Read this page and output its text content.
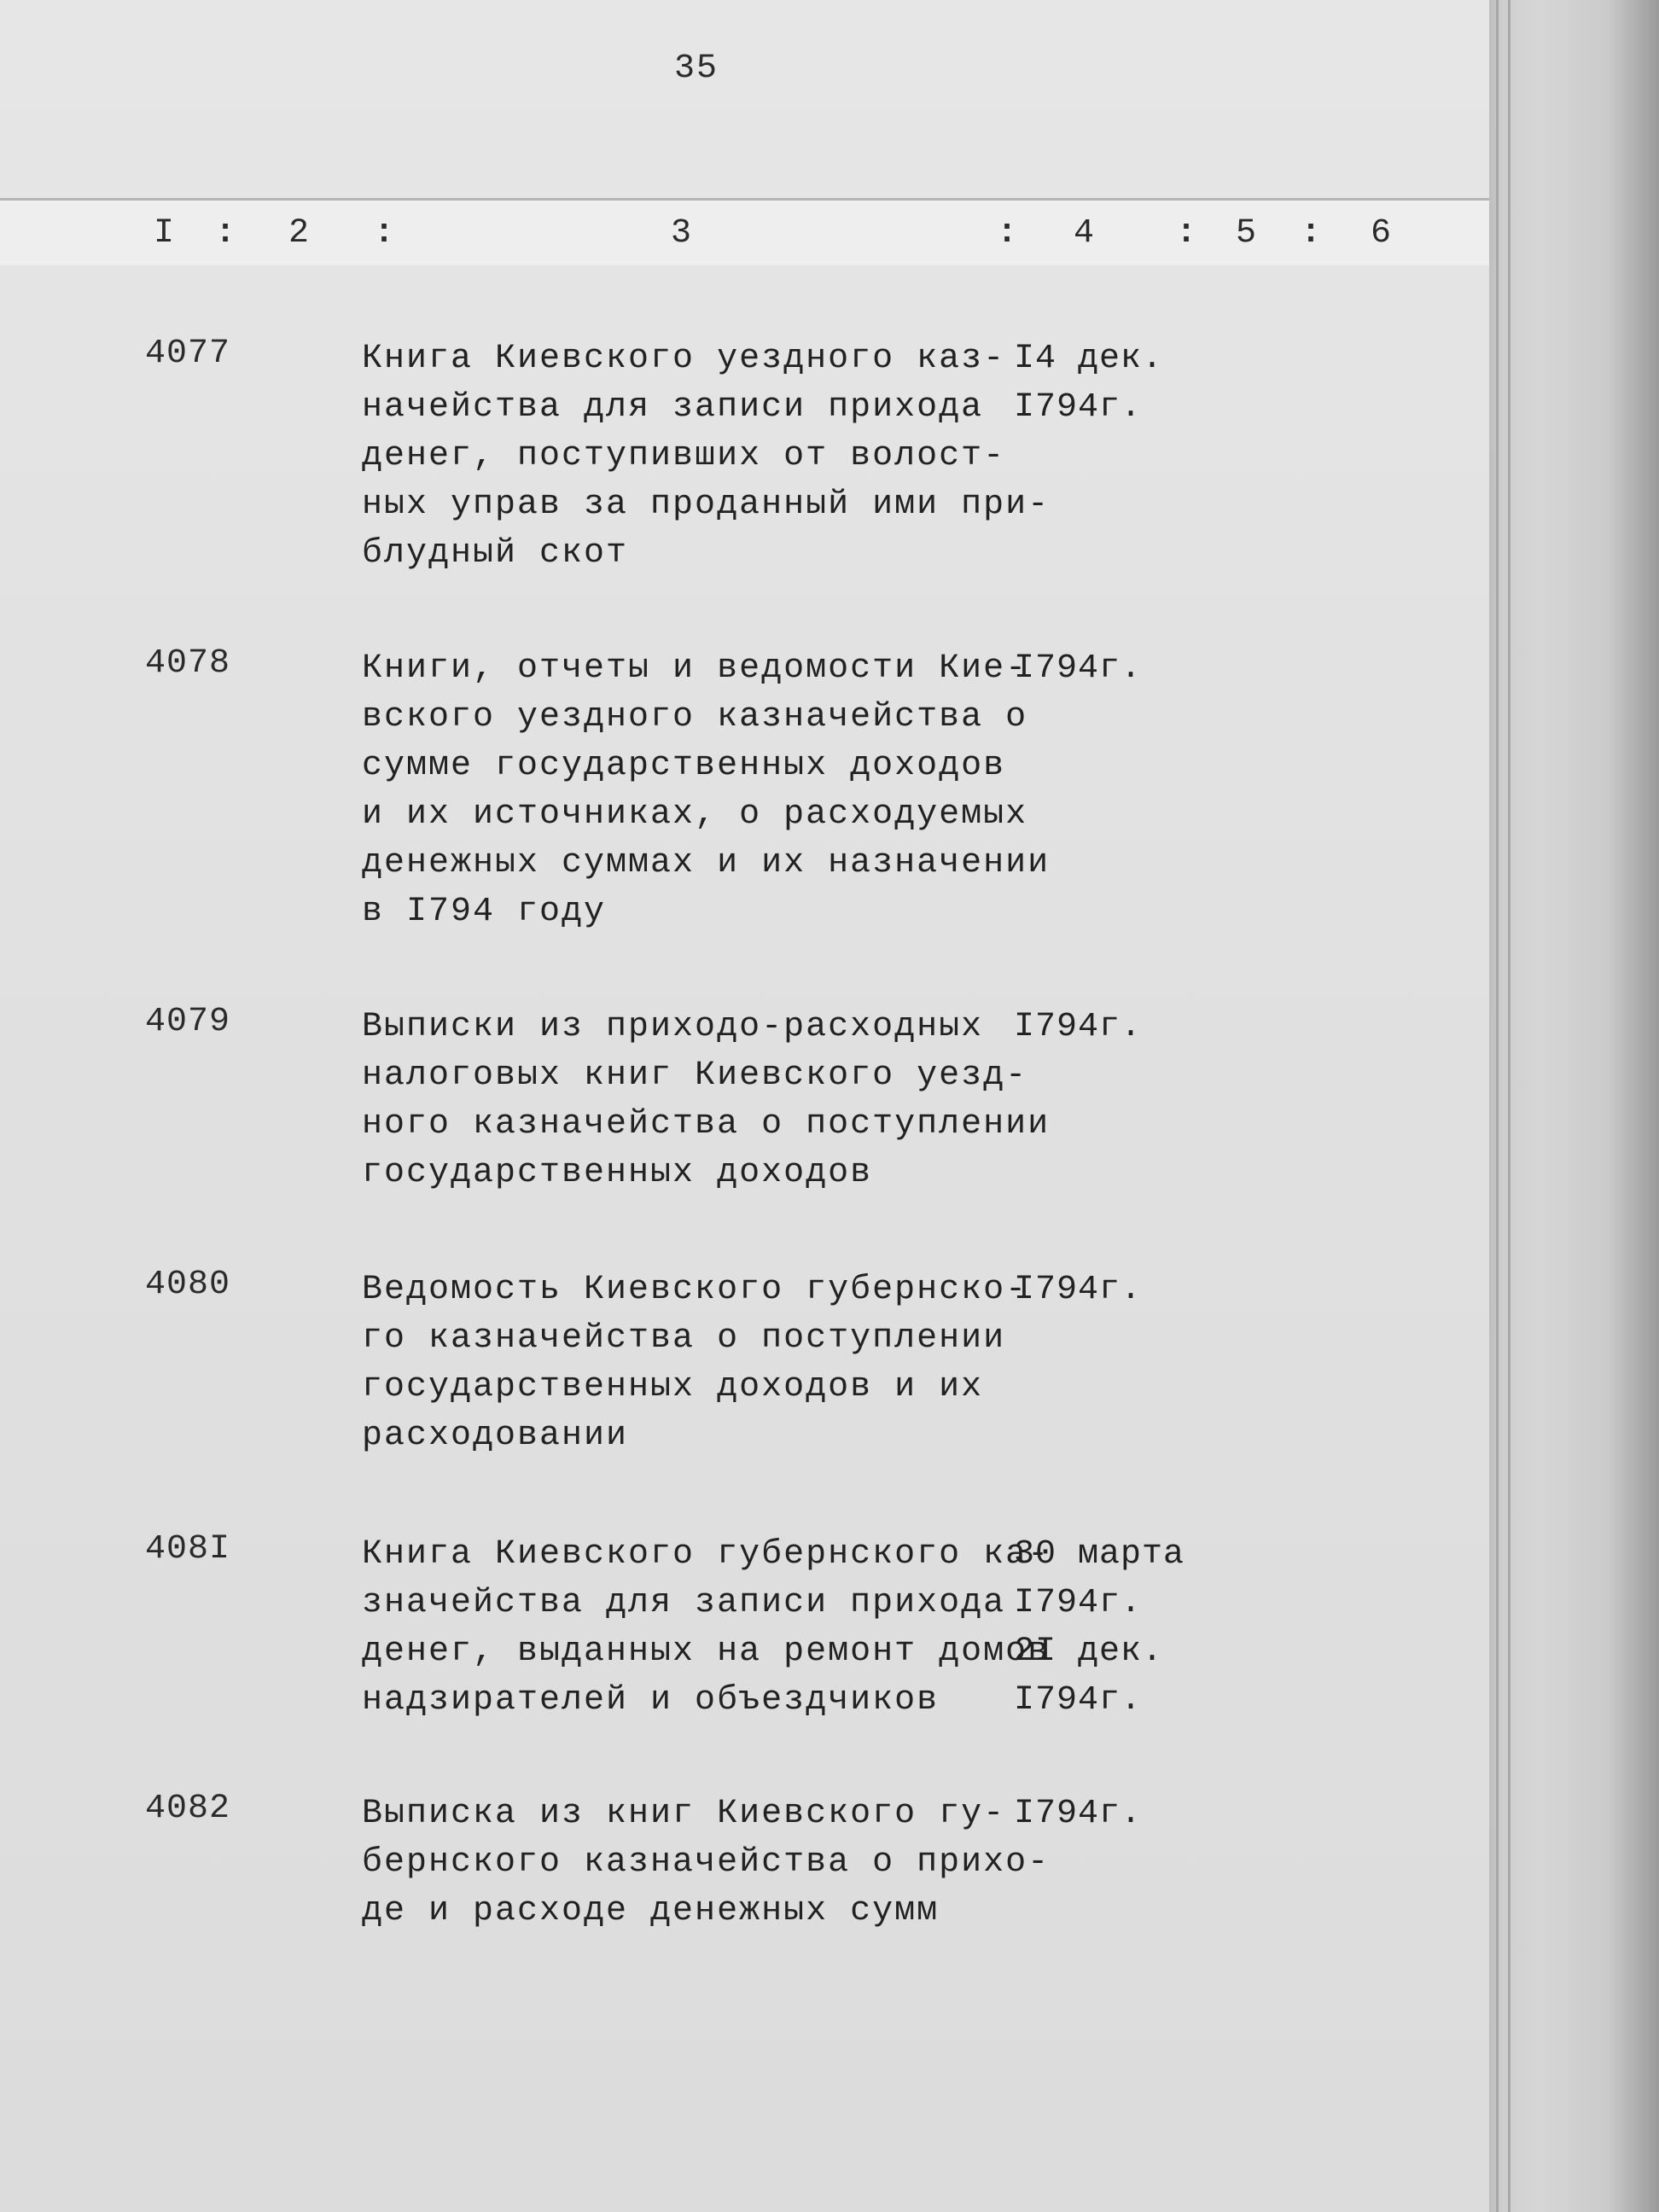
35
I : 2 :	3	: 4 : 5 : 6
4077	Книга Киевского уездного каз-
начейства для записи прихода
денег, поступивших от волост-
ных управ за проданный ими при-
блудный скот
I4 дек.
I794г.
4078	Книги, отчеты и ведомости Кие-
вского уездного казначейства о
сумме государственных доходов
и их источниках, о расходуемых
денежных суммах и их назначении
в I794 году
I794г.
4079	Выписки из приходо-расходных
налоговых книг Киевского уезд-
ного казначейства о поступлении
государственных доходов
I794г.
4080	Ведомость Киевского губернско-
го казначейства о поступлении
государственных доходов и их
расходовании
I794г.
408I	Книга Киевского губернского ка-
значейства для записи прихода
денег, выданных на ремонт домов
надзирателей и объездчиков
30 марта
I794г.
2I дек.
I794г.
4082	Выписка из книг Киевского гу-
бернского казначейства о прихо-
де и расходе денежных сумм
I794г.
